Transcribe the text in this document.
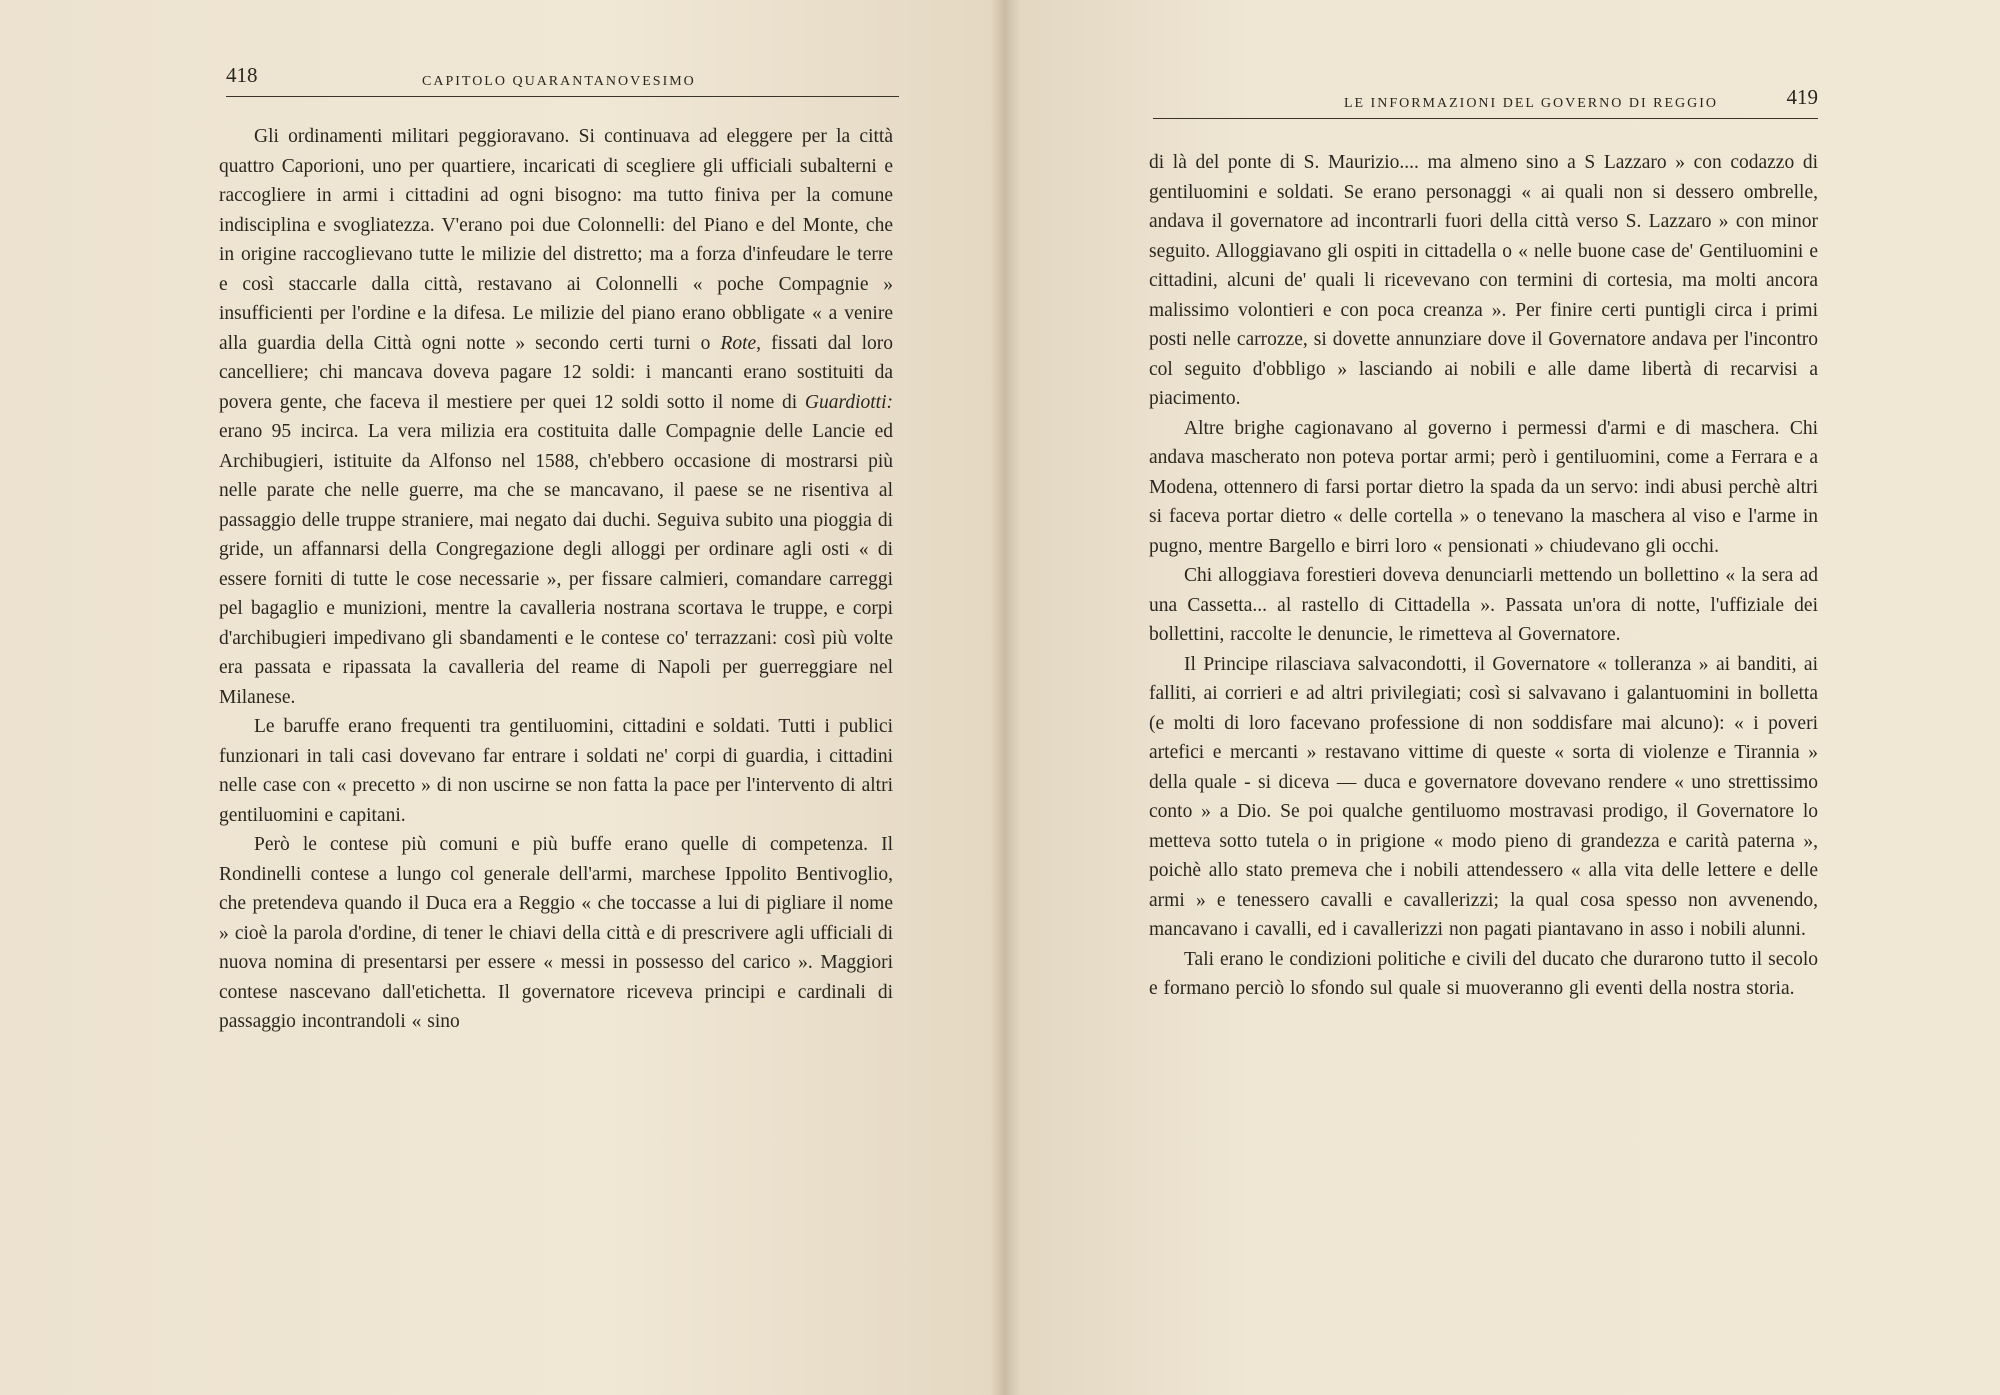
418	CAPITOLO QUARANTANOVESIMO

Gli ordinamenti militari peggioravano. Si continuava ad eleggere per la città quattro Caporioni, uno per quartiere, incaricati di scegliere gli ufficiali subalterni e raccogliere in armi i cittadini ad ogni bisogno: ma tutto finiva per la comune indisciplina e svogliatezza. V'erano poi due Colonnelli: del Piano e del Monte, che in origine raccoglievano tutte le milizie del distretto; ma a forza d'infeudare le terre e così staccarle dalla città, restavano ai Colonnelli « poche Compagnie » insufficienti per l'ordine e la difesa. Le milizie del piano erano obbligate « a venire alla guardia della Città ogni notte » secondo certi turni o Rote, fissati dal loro cancelliere; chi mancava doveva pagare 12 soldi: i mancanti erano sostituiti da povera gente, che faceva il mestiere per quei 12 soldi sotto il nome di Guardiotti: erano 95 incirca. La vera milizia era costituita dalle Compagnie delle Lancie ed Archibugieri, istituite da Alfonso nel 1588, ch'ebbero occasione di mostrarsi più nelle parate che nelle guerre, ma che se mancavano, il paese se ne risentiva al passaggio delle truppe straniere, mai negato dai duchi. Seguiva subito una pioggia di gride, un affannarsi della Congregazione degli alloggi per ordinare agli osti « di essere forniti di tutte le cose necessarie », per fissare calmieri, comandare carreggi pel bagaglio e munizioni, mentre la cavalleria nostrana scortava le truppe, e corpi d'archibugieri impedivano gli sbandamenti e le contese co' terrazzani: così più volte era passata e ripassata la cavalleria del reame di Napoli per guerreggiare nel Milanese.

Le baruffe erano frequenti tra gentiluomini, cittadini e soldati. Tutti i publici funzionari in tali casi dovevano far entrare i soldati ne' corpi di guardia, i cittadini nelle case con « precetto » di non uscirne se non fatta la pace per l'intervento di altri gentiluomini e capitani.

Però le contese più comuni e più buffe erano quelle di competenza. Il Rondinelli contese a lungo col generale dell'armi, marchese Ippolito Bentivoglio, che pretendeva quando il Duca era a Reggio « che toccasse a lui di pigliare il nome » cioè la parola d'ordine, di tener le chiavi della città e di prescrivere agli ufficiali di nuova nomina di presentarsi per essere « messi in possesso del carico ». Maggiori contese nascevano dall'etichetta. Il governatore riceveva principi e cardinali di passaggio incontrandoli « sino

LE INFORMAZIONI DEL GOVERNO DI REGGIO	419

di là del ponte di S. Maurizio.... ma almeno sino a S Lazzaro » con codazzo di gentiluomini e soldati. Se erano personaggi « ai quali non si dessero ombrelle, andava il governatore ad incontrarli fuori della città verso S. Lazzaro » con minor seguito. Alloggiavano gli ospiti in cittadella o « nelle buone case de' Gentiluomini e cittadini, alcuni de' quali li ricevevano con termini di cortesia, ma molti ancora malissimo volontieri e con poca creanza ». Per finire certi puntigli circa i primi posti nelle carrozze, si dovette annunziare dove il Governatore andava per l'incontro col seguito d'obbligo » lasciando ai nobili e alle dame libertà di recarvisi a piacimento.

Altre brighe cagionavano al governo i permessi d'armi e di maschera. Chi andava mascherato non poteva portar armi; però i gentiluomini, come a Ferrara e a Modena, ottennero di farsi portar dietro la spada da un servo: indi abusi perchè altri si faceva portar dietro « delle cortella » o tenevano la maschera al viso e l'arme in pugno, mentre Bargello e birri loro « pensionati » chiudevano gli occhi.

Chi alloggiava forestieri doveva denunciarli mettendo un bollettino « la sera ad una Cassetta... al rastello di Cittadella ». Passata un'ora di notte, l'uffiziale dei bollettini, raccolte le denuncie, le rimetteva al Governatore.

Il Principe rilasciava salvacondotti, il Governatore « tolleranza » ai banditi, ai falliti, ai corrieri e ad altri privilegiati; così si salvavano i galantuomini in bolletta (e molti di loro facevano professione di non soddisfare mai alcuno): « i poveri artefici e mercanti » restavano vittime di queste « sorta di violenze e Tirannia » della quale - si diceva — duca e governatore dovevano rendere « uno strettissimo conto » a Dio. Se poi qualche gentiluomo mostravasi prodigo, il Governatore lo metteva sotto tutela o in prigione « modo pieno di grandezza e carità paterna », poichè allo stato premeva che i nobili attendessero « alla vita delle lettere e delle armi » e tenessero cavalli e cavallerizzi; la qual cosa spesso non avvenendo, mancavano i cavalli, ed i cavallerizzi non pagati piantavano in asso i nobili alunni.

Tali erano le condizioni politiche e civili del ducato che durarono tutto il secolo e formano perciò lo sfondo sul quale si muoveranno gli eventi della nostra storia.
